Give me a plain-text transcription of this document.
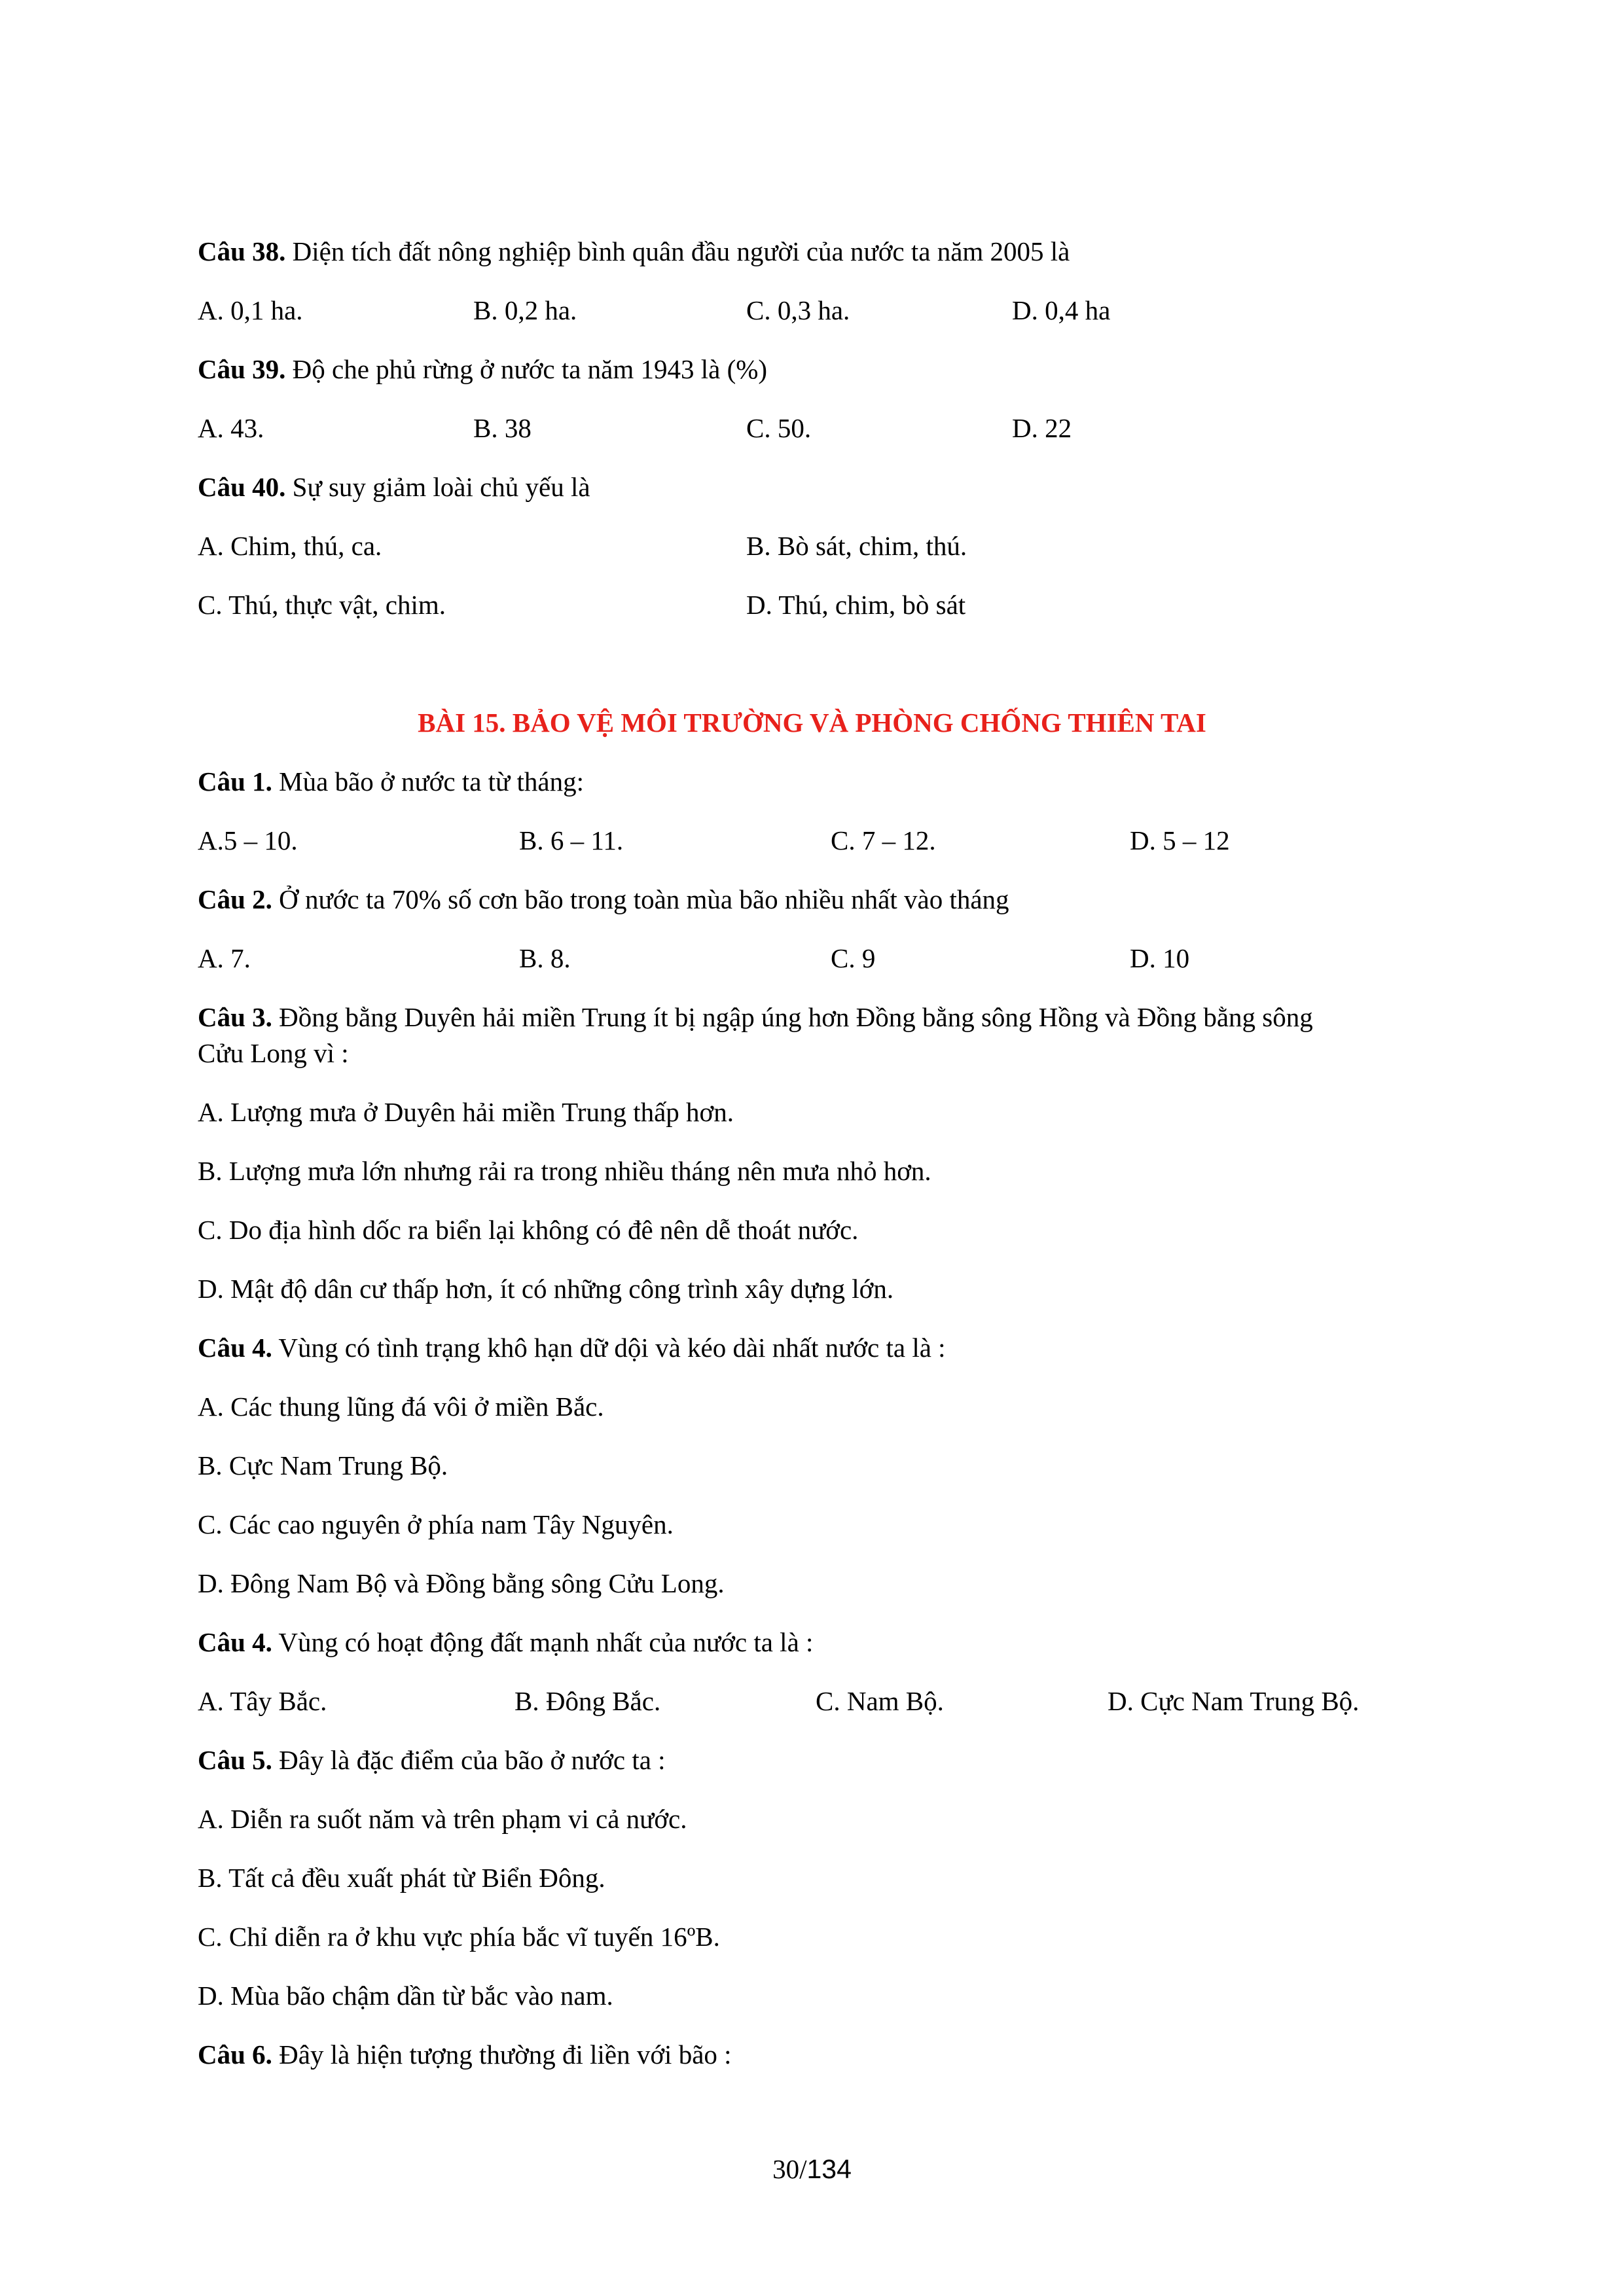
Câu 38. Diện tích đất nông nghiệp bình quân đầu người của nước ta năm 2005 là
A. 0,1 ha.	B. 0,2 ha.	C. 0,3 ha.	D. 0,4 ha
Câu 39. Độ che phủ rừng ở nước ta năm 1943 là (%)
A. 43.	B. 38	C. 50.	D. 22
Câu 40. Sự suy giảm loài chủ yếu là
A. Chim, thú, ca.	B. Bò sát, chim, thú.
C. Thú, thực vật, chim.	D. Thú, chim, bò sát
BÀI 15. BẢO VỆ MÔI TRƯỜNG VÀ PHÒNG CHỐNG THIÊN TAI
Câu 1. Mùa bão ở nước ta từ tháng:
A.5 – 10.	B. 6 – 11.	C. 7 – 12.	D. 5 – 12
Câu 2. Ở nước ta 70% số cơn bão trong toàn mùa bão nhiều nhất vào tháng
A. 7.	B. 8.	C. 9	D. 10
Câu 3. Đồng bằng Duyên hải miền Trung ít bị ngập úng hơn Đồng bằng sông Hồng và Đồng bằng sông
Cửu Long vì :
A. Lượng mưa ở Duyên hải miền Trung thấp hơn.
B. Lượng mưa lớn nhưng rải ra trong nhiều tháng nên mưa nhỏ hơn.
C. Do địa hình dốc ra biển lại không có đê nên dễ thoát nước.
D. Mật độ dân cư thấp hơn, ít có những công trình xây dựng lớn.
Câu 4. Vùng có tình trạng khô hạn dữ dội và kéo dài nhất nước ta là :
A. Các thung lũng đá vôi ở miền Bắc.
B. Cực Nam Trung Bộ.
C. Các cao nguyên ở phía nam Tây Nguyên.
D. Đông Nam Bộ và Đồng bằng sông Cửu Long.
Câu 4. Vùng có hoạt động đất mạnh nhất của nước ta là :
A. Tây Bắc.	B. Đông Bắc.	C. Nam Bộ.	D. Cực Nam Trung Bộ.
Câu 5. Đây là đặc điểm của bão ở nước ta :
A. Diễn ra suốt năm và trên phạm vi cả nước.
B. Tất cả đều xuất phát từ Biển Đông.
C. Chỉ diễn ra ở khu vực phía bắc vĩ tuyến 16ºB.
D. Mùa bão chậm dần từ bắc vào nam.
Câu 6. Đây là hiện tượng thường đi liền với bão :
30/134
